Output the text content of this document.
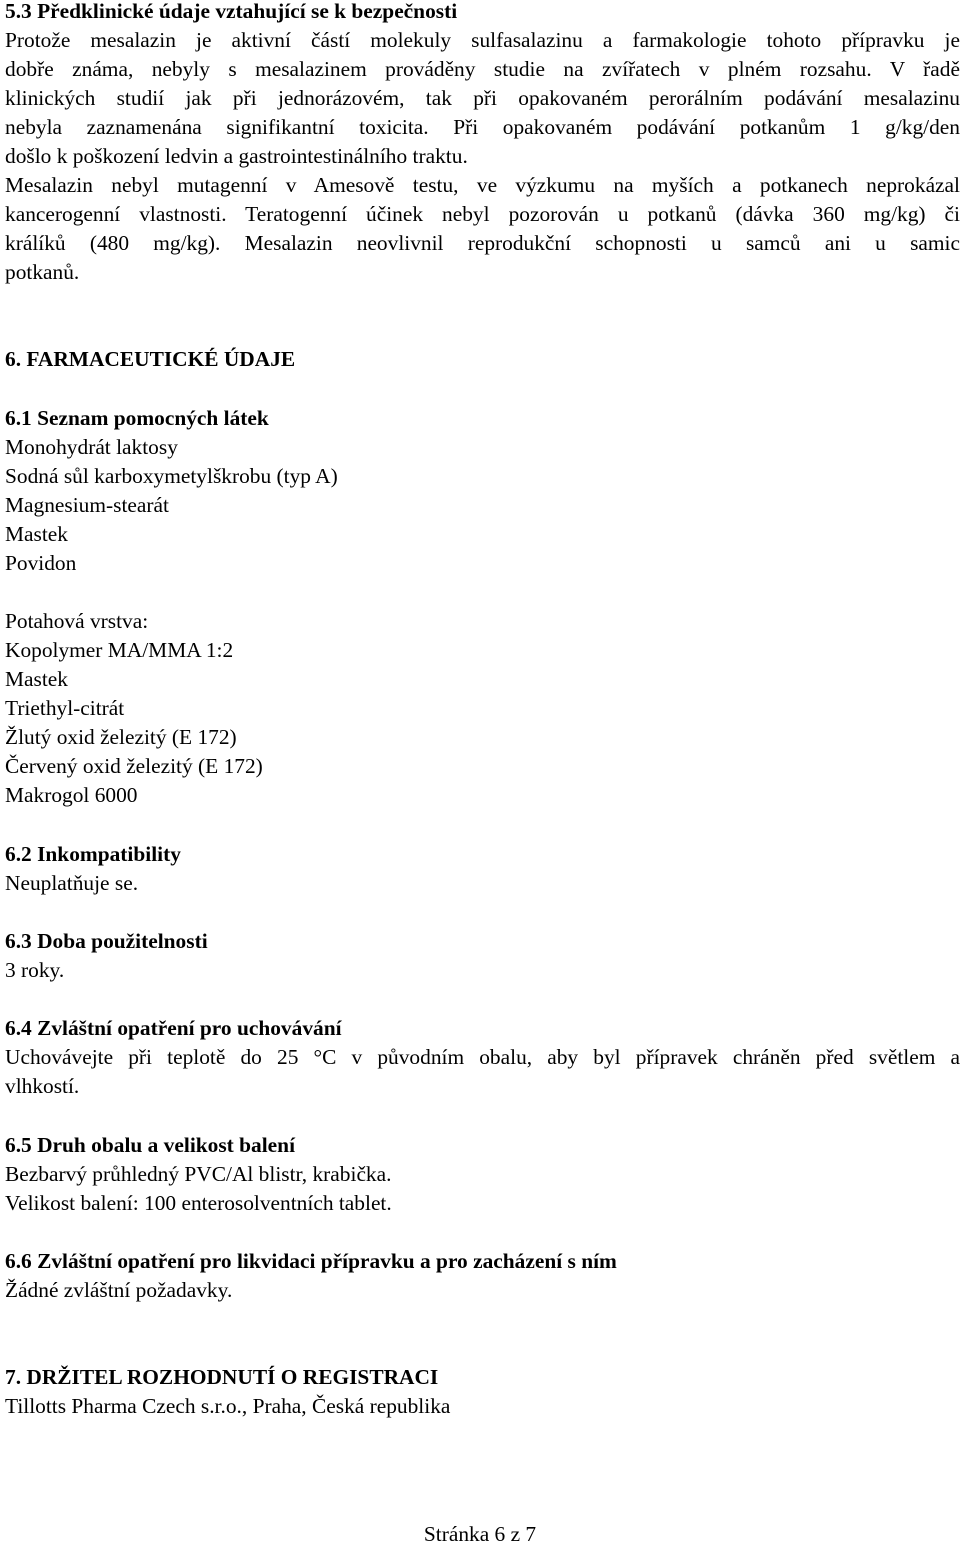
5.3 Předklinické údaje vztahující se k bezpečnosti
Protože mesalazin je aktivní částí molekuly sulfasalazinu a farmakologie tohoto přípravku je
dobře známa, nebyly s mesalazinem prováděny studie na zvířatech v plném rozsahu. V řadě
klinických studií jak při jednorázovém, tak při opakovaném perorálním podávání mesalazinu
nebyla zaznamenána signifikantní toxicita. Při opakovaném podávání potkanům 1 g/kg/den
došlo k poškození ledvin a gastrointestinálního traktu.
Mesalazin nebyl mutagenní v Amesově testu, ve výzkumu na myších a potkanech neprokázal
kancerogenní vlastnosti. Teratogenní účinek nebyl pozorován u potkanů (dávka 360 mg/kg) či
králíků (480 mg/kg). Mesalazin neovlivnil reprodukční schopnosti u samců ani u samic
potkanů.
6. FARMACEUTICKÉ ÚDAJE
6.1 Seznam pomocných látek
Monohydrát laktosy
Sodná sůl karboxymetylškrobu (typ A)
Magnesium-stearát
Mastek
Povidon
Potahová vrstva:
Kopolymer MA/MMA 1:2
Mastek
Triethyl-citrát
Žlutý oxid železitý (E 172)
Červený oxid železitý (E 172)
Makrogol 6000
6.2 Inkompatibility
Neuplatňuje se.
6.3 Doba použitelnosti
3 roky.
6.4 Zvláštní opatření pro uchovávání
Uchovávejte při teplotě do 25 °C v původním obalu, aby byl přípravek chráněn před světlem a
vlhkostí.
6.5 Druh obalu a velikost balení
Bezbarvý průhledný PVC/Al blistr, krabička.
Velikost balení: 100 enterosolventních tablet.
6.6 Zvláštní opatření pro likvidaci přípravku a pro zacházení s ním
Žádné zvláštní požadavky.
7. DRŽITEL ROZHODNUTÍ O REGISTRACI
Tillotts Pharma Czech s.r.o., Praha, Česká republika
Stránka 6 z 7
